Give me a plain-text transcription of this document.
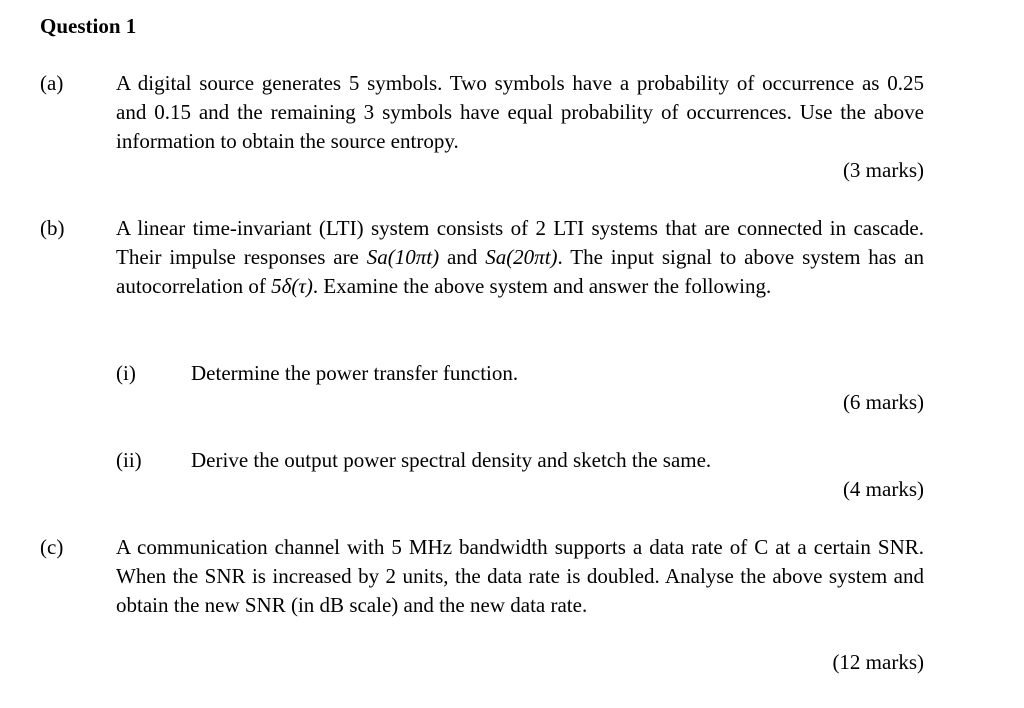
Question 1
(a)	A digital source generates 5 symbols. Two symbols have a probability of occurrence as 0.25 and 0.15 and the remaining 3 symbols have equal probability of occurrences. Use the above information to obtain the source entropy.
(3 marks)
(b) A linear time-invariant (LTI) system consists of 2 LTI systems that are connected in cascade. Their impulse responses are Sa(10πt) and Sa(20πt). The input signal to above system has an autocorrelation of 5δ(τ). Examine the above system and answer the following.
(i)	Determine the power transfer function.
(6 marks)
(ii) Derive the output power spectral density and sketch the same.
(4 marks)
(c)	A communication channel with 5 MHz bandwidth supports a data rate of C at a certain SNR. When the SNR is increased by 2 units, the data rate is doubled. Analyse the above system and obtain the new SNR (in dB scale) and the new data rate.
(12 marks)
